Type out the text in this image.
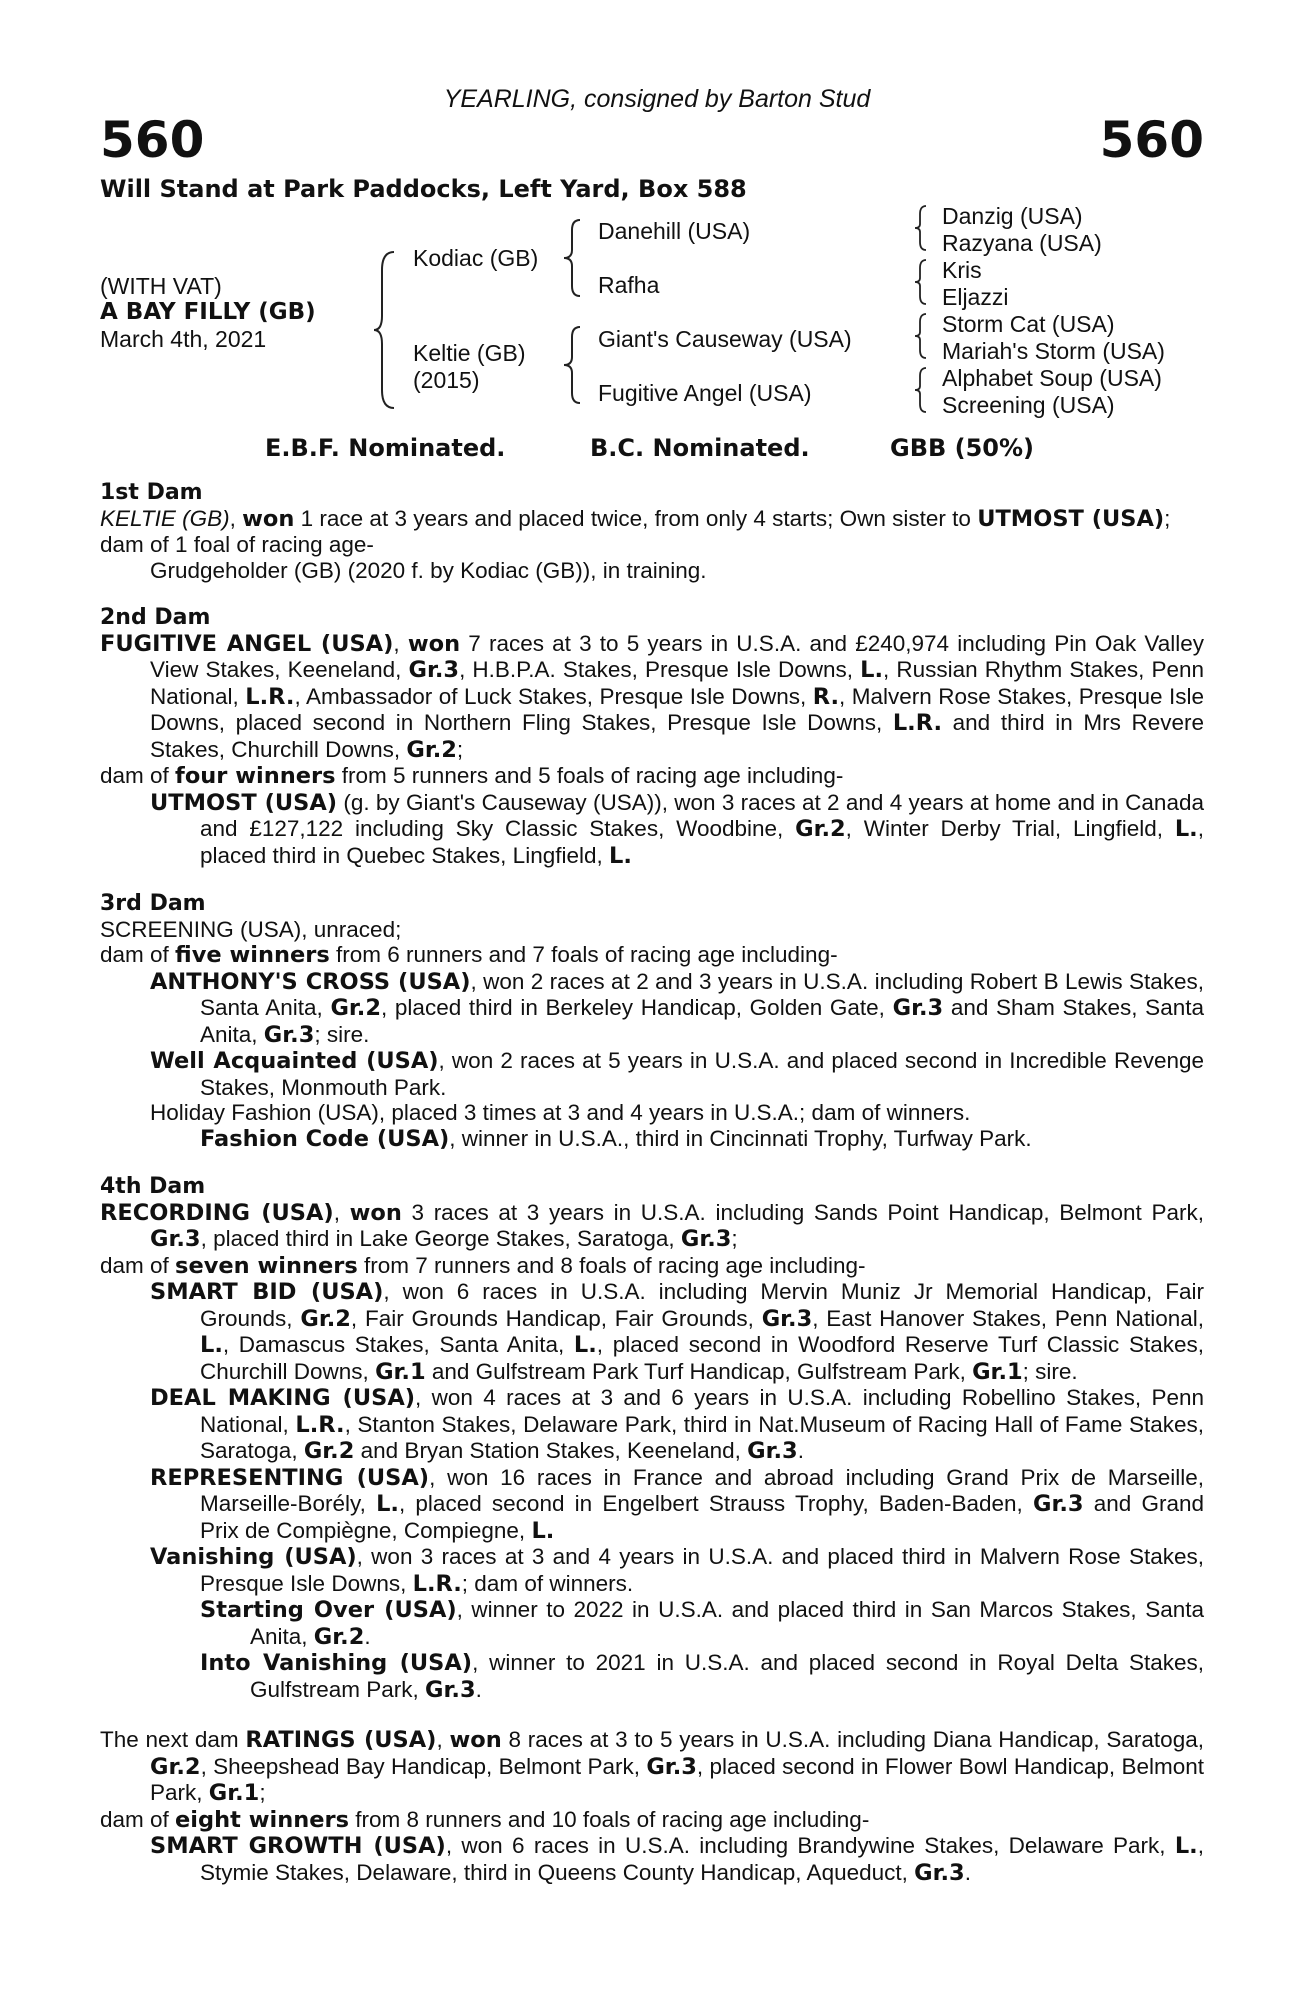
YEARLING, consigned by Barton Stud
560	560
Will Stand at Park Paddocks, Left Yard, Box 588
(WITH VAT)
A BAY FILLY (GB)
March 4th, 2021
Kodiac (GB)
Keltie (GB)
(2015)
Danehill (USA)
Rafha
Giant's Causeway (USA)
Fugitive Angel (USA)
Danzig (USA)
Razyana (USA)
Kris
Eljazzi
Storm Cat (USA)
Mariah's Storm (USA)
Alphabet Soup (USA)
Screening (USA)
E.B.F. Nominated.	B.C. Nominated.	GBB (50%)
1st Dam
KELTIE (GB), won 1 race at 3 years and placed twice, from only 4 starts; Own sister to UTMOST (USA);
dam of 1 foal of racing age-
Grudgeholder (GB) (2020 f. by Kodiac (GB)), in training.
2nd Dam
FUGITIVE ANGEL (USA), won 7 races at 3 to 5 years in U.S.A. and £240,974 including Pin Oak Valley View Stakes, Keeneland, Gr.3, H.B.P.A. Stakes, Presque Isle Downs, L., Russian Rhythm Stakes, Penn National, L.R., Ambassador of Luck Stakes, Presque Isle Downs, R., Malvern Rose Stakes, Presque Isle Downs, placed second in Northern Fling Stakes, Presque Isle Downs, L.R. and third in Mrs Revere Stakes, Churchill Downs, Gr.2;
dam of four winners from 5 runners and 5 foals of racing age including-
UTMOST (USA) (g. by Giant's Causeway (USA)), won 3 races at 2 and 4 years at home and in Canada and £127,122 including Sky Classic Stakes, Woodbine, Gr.2, Winter Derby Trial, Lingfield, L., placed third in Quebec Stakes, Lingfield, L.
3rd Dam
SCREENING (USA), unraced;
dam of five winners from 6 runners and 7 foals of racing age including-
ANTHONY'S CROSS (USA), won 2 races at 2 and 3 years in U.S.A. including Robert B Lewis Stakes, Santa Anita, Gr.2, placed third in Berkeley Handicap, Golden Gate, Gr.3 and Sham Stakes, Santa Anita, Gr.3; sire.
Well Acquainted (USA), won 2 races at 5 years in U.S.A. and placed second in Incredible Revenge Stakes, Monmouth Park.
Holiday Fashion (USA), placed 3 times at 3 and 4 years in U.S.A.; dam of winners.
Fashion Code (USA), winner in U.S.A., third in Cincinnati Trophy, Turfway Park.
4th Dam
RECORDING (USA), won 3 races at 3 years in U.S.A. including Sands Point Handicap, Belmont Park, Gr.3, placed third in Lake George Stakes, Saratoga, Gr.3;
dam of seven winners from 7 runners and 8 foals of racing age including-
SMART BID (USA), won 6 races in U.S.A. including Mervin Muniz Jr Memorial Handicap, Fair Grounds, Gr.2, Fair Grounds Handicap, Fair Grounds, Gr.3, East Hanover Stakes, Penn National, L., Damascus Stakes, Santa Anita, L., placed second in Woodford Reserve Turf Classic Stakes, Churchill Downs, Gr.1 and Gulfstream Park Turf Handicap, Gulfstream Park, Gr.1; sire.
DEAL MAKING (USA), won 4 races at 3 and 6 years in U.S.A. including Robellino Stakes, Penn National, L.R., Stanton Stakes, Delaware Park, third in Nat.Museum of Racing Hall of Fame Stakes, Saratoga, Gr.2 and Bryan Station Stakes, Keeneland, Gr.3.
REPRESENTING (USA), won 16 races in France and abroad including Grand Prix de Marseille, Marseille-Borély, L., placed second in Engelbert Strauss Trophy, Baden-Baden, Gr.3 and Grand Prix de Compiègne, Compiegne, L.
Vanishing (USA), won 3 races at 3 and 4 years in U.S.A. and placed third in Malvern Rose Stakes, Presque Isle Downs, L.R.; dam of winners.
Starting Over (USA), winner to 2022 in U.S.A. and placed third in San Marcos Stakes, Santa Anita, Gr.2.
Into Vanishing (USA), winner to 2021 in U.S.A. and placed second in Royal Delta Stakes, Gulfstream Park, Gr.3.
The next dam RATINGS (USA), won 8 races at 3 to 5 years in U.S.A. including Diana Handicap, Saratoga, Gr.2, Sheepshead Bay Handicap, Belmont Park, Gr.3, placed second in Flower Bowl Handicap, Belmont Park, Gr.1;
dam of eight winners from 8 runners and 10 foals of racing age including-
SMART GROWTH (USA), won 6 races in U.S.A. including Brandywine Stakes, Delaware Park, L., Stymie Stakes, Delaware, third in Queens County Handicap, Aqueduct, Gr.3.
